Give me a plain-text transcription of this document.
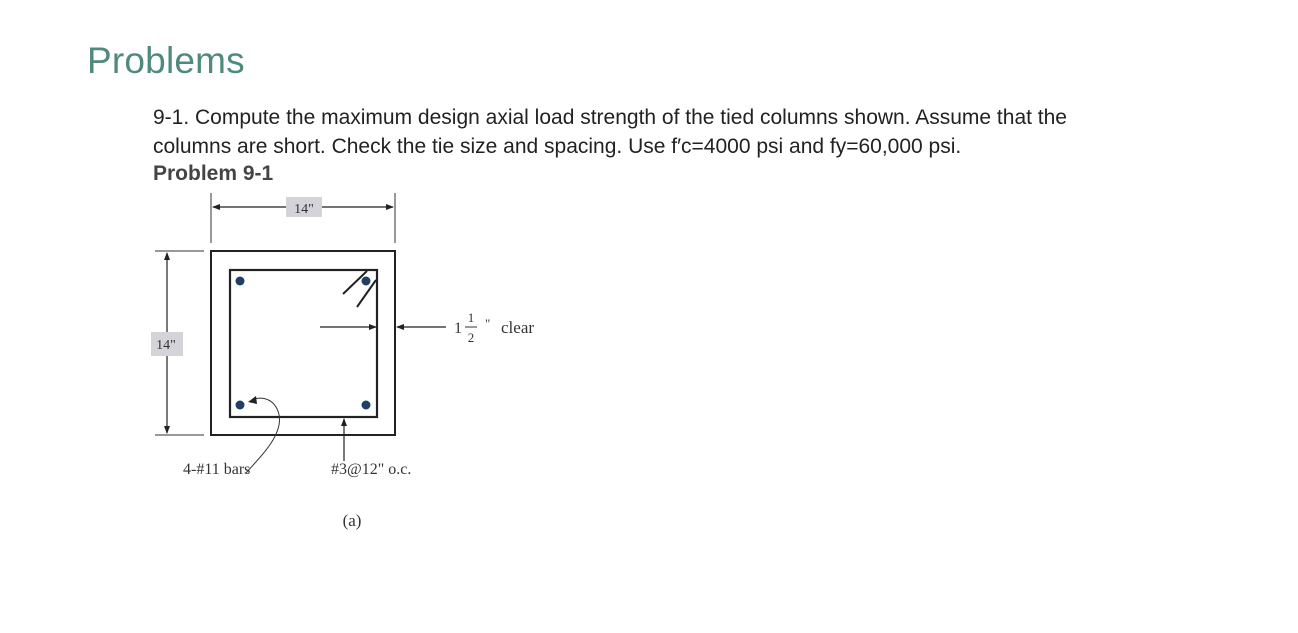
Problems
9-1. Compute the maximum design axial load strength of the tied columns shown. Assume that the
columns are short. Check the tie size and spacing. Use f′c=4000 psi and fy=60,000 psi.
Problem 9-1
14"
14"
1
1
2
" clear
4-#11 bars	#3@12" o.c.
(a)
